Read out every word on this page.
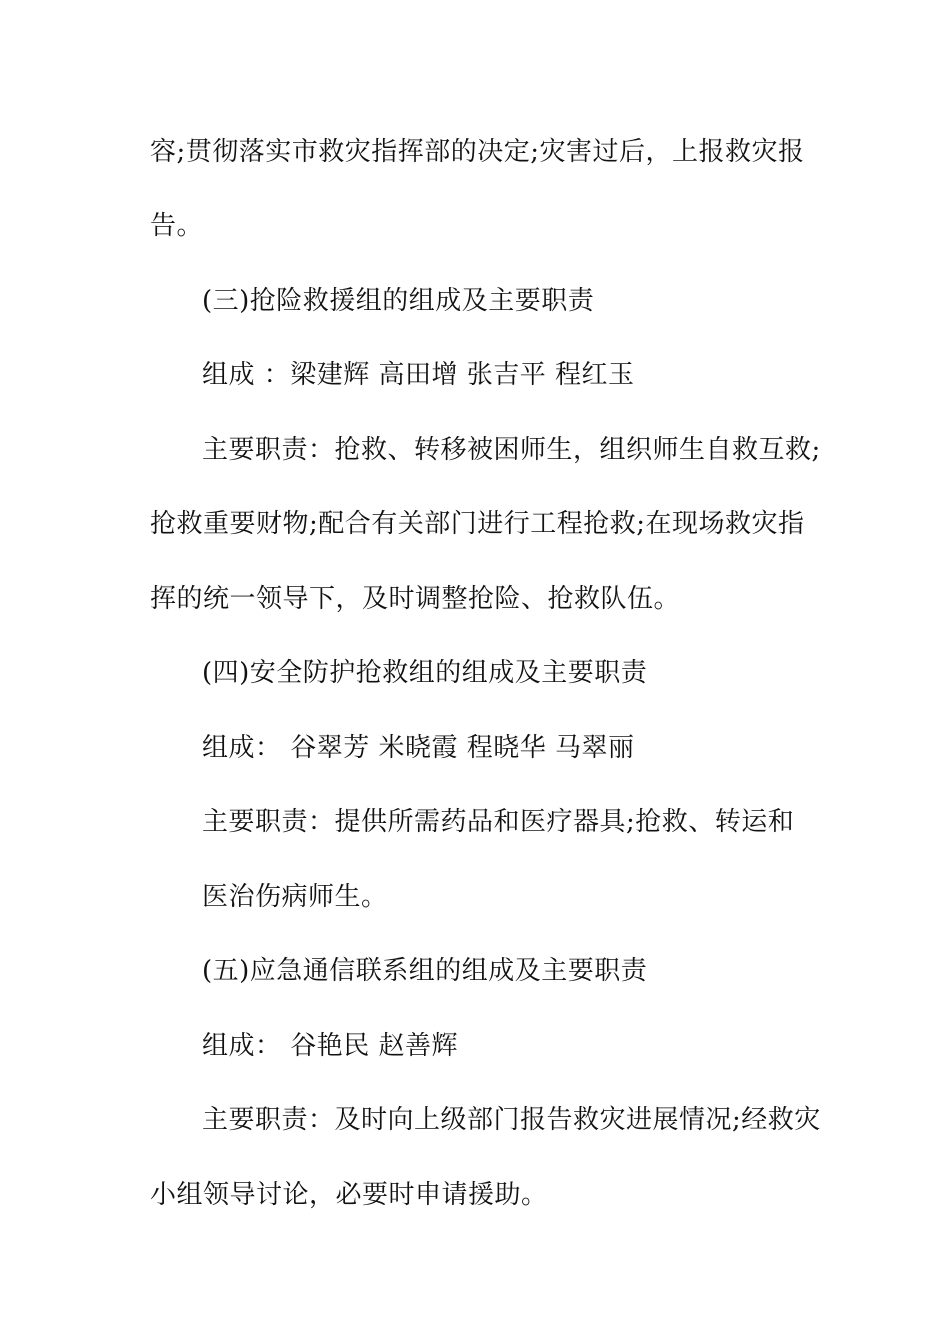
容;贯彻落实市救灾指挥部的决定;灾害过后，上报救灾报
告。
(三)抢险救援组的组成及主要职责
组成 ：梁建辉 高田增 张吉平 程红玉
主要职责：抢救、转移被困师生，组织师生自救互救;
抢救重要财物;配合有关部门进行工程抢救;在现场救灾指
挥的统一领导下，及时调整抢险、抢救队伍。
(四)安全防护抢救组的组成及主要职责
组成： 谷翠芳 米晓霞 程晓华 马翠丽
主要职责：提供所需药品和医疗器具;抢救、转运和
医治伤病师生。
(五)应急通信联系组的组成及主要职责
组成： 谷艳民 赵善辉
主要职责：及时向上级部门报告救灾进展情况;经救灾
小组领导讨论，必要时申请援助。
